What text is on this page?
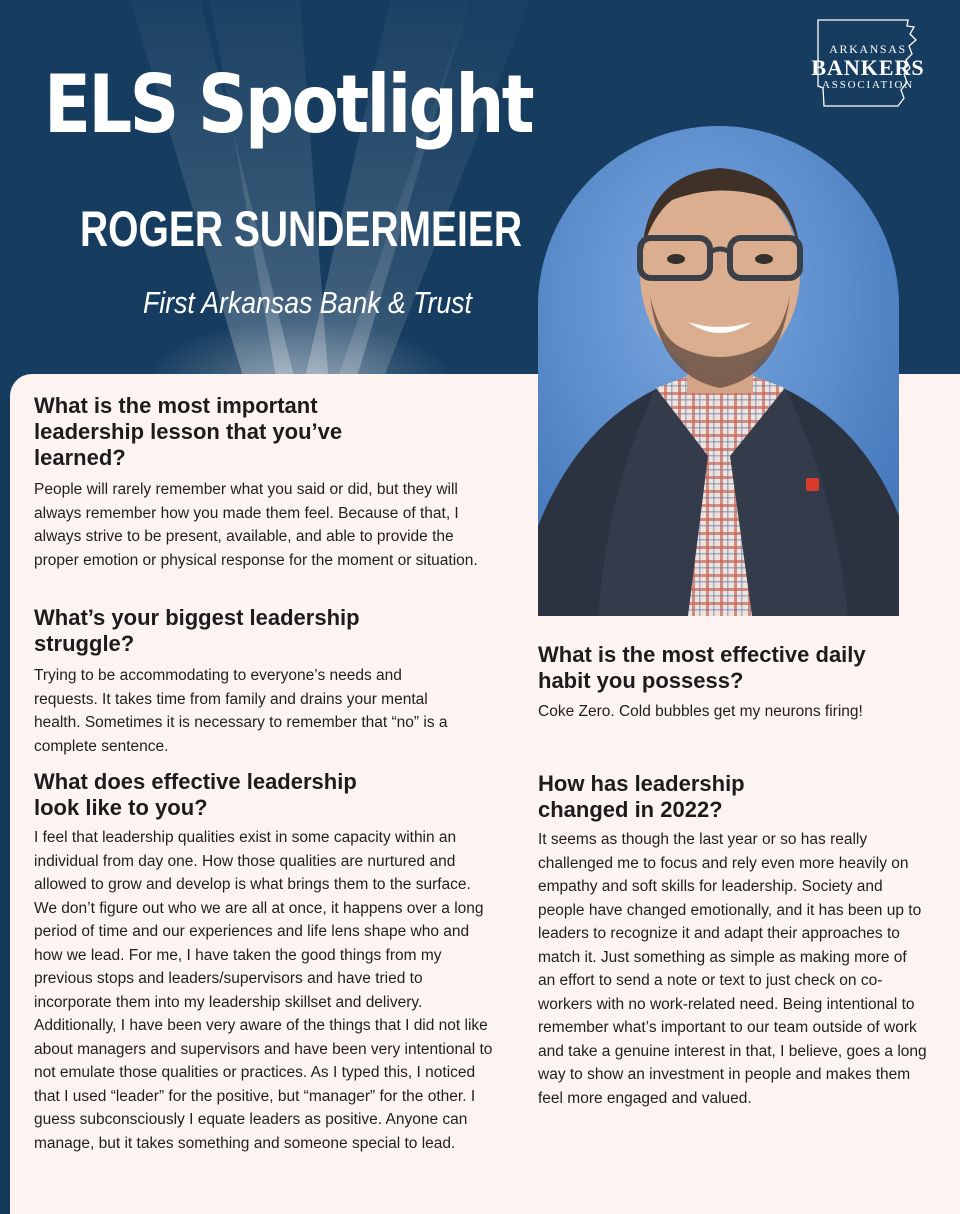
ELS Spotlight
ROGER SUNDERMEIER

First Arkansas Bank & Trust

ARKANSAS
BANKERS
ASSOCIATION
What is the most important leadership lesson that you’ve learned?

People will rarely remember what you said or did, but they will always remember how you made them feel. Because of that, I always strive to be present, available, and able to provide the proper emotion or physical response for the moment or situation.

What’s your biggest leadership struggle?

Trying to be accommodating to everyone’s needs and requests. It takes time from family and drains your mental health. Sometimes it is necessary to remember that “no” is a complete sentence.

What does effective leadership look like to you?

I feel that leadership qualities exist in some capacity within an individual from day one. How those qualities are nurtured and allowed to grow and develop is what brings them to the surface. We don’t figure out who we are all at once, it happens over a long period of time and our experiences and life lens shape who and how we lead. For me, I have taken the good things from my previous stops and leaders/supervisors and have tried to incorporate them into my leadership skillset and delivery. Additionally, I have been very aware of the things that I did not like about managers and supervisors and have been very intentional to not emulate those qualities or practices. As I typed this, I noticed that I used “leader” for the positive, but “manager” for the other. I guess subconsciously I equate leaders as positive. Anyone can manage, but it takes something and someone special to lead.

What is the most effective daily habit you possess?

Coke Zero. Cold bubbles get my neurons firing!

How has leadership changed in 2022?

It seems as though the last year or so has really challenged me to focus and rely even more heavily on empathy and soft skills for leadership. Society and people have changed emotionally, and it has been up to leaders to recognize it and adapt their approaches to match it. Just something as simple as making more of an effort to send a note or text to just check on co-workers with no work-related need. Being intentional to remember what’s important to our team outside of work and take a genuine interest in that, I believe, goes a long way to show an investment in people and makes them feel more engaged and valued.
